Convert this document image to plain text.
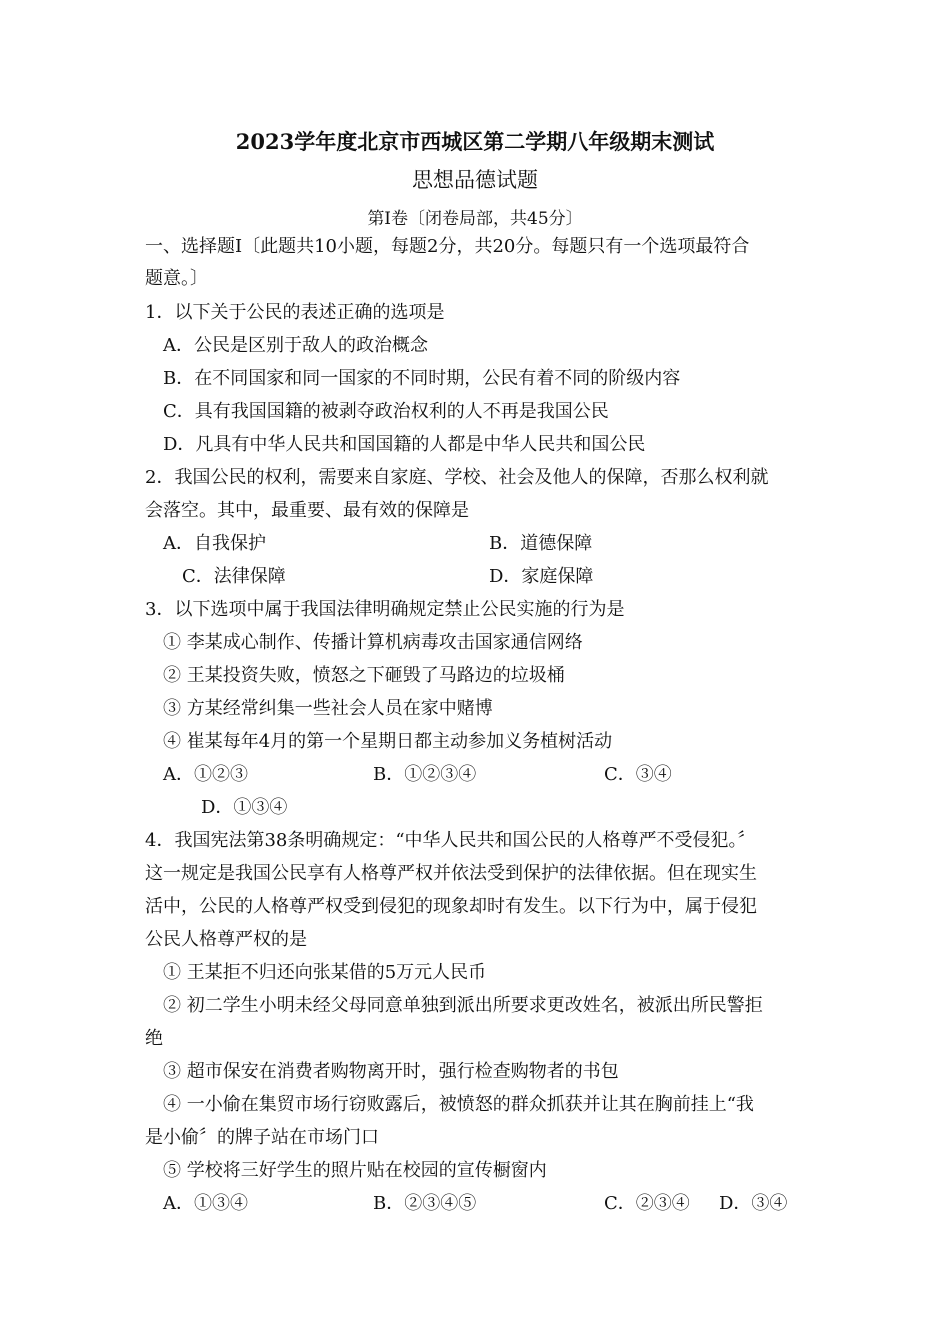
2023学年度北京市西城区第二学期八年级期末测试
思想品德试题
第I卷〔闭卷局部，共45分〕
一、选择题I〔此题共10小题，每题2分，共20分。每题只有一个选项最符合
题意。〕
1．以下关于公民的表述正确的选项是
A．公民是区别于敌人的政治概念
B．在不同国家和同一国家的不同时期，公民有着不同的阶级内容
C．具有我国国籍的被剥夺政治权利的人不再是我国公民
D．凡具有中华人民共和国国籍的人都是中华人民共和国公民
2．我国公民的权利，需要来自家庭、学校、社会及他人的保障，否那么权利就
会落空。其中，最重要、最有效的保障是
A．自我保护	B．道德保障
C．法律保障	D．家庭保障
3．以下选项中属于我国法律明确规定禁止公民实施的行为是
① 李某成心制作、传播计算机病毒攻击国家通信网络
② 王某投资失败，愤怒之下砸毁了马路边的垃圾桶
③ 方某经常纠集一些社会人员在家中赌博
④ 崔某每年4月的第一个星期日都主动参加义务植树活动
A．①②③	B．①②③④	C．③④
D．①③④
4．我国宪法第38条明确规定：“中华人民共和国公民的人格尊严不受侵犯。〞
这一规定是我国公民享有人格尊严权并依法受到保护的法律依据。但在现实生
活中，公民的人格尊严权受到侵犯的现象却时有发生。以下行为中，属于侵犯
公民人格尊严权的是
① 王某拒不归还向张某借的5万元人民币
② 初二学生小明未经父母同意单独到派出所要求更改姓名，被派出所民警拒
绝
③ 超市保安在消费者购物离开时，强行检查购物者的书包
④ 一小偷在集贸市场行窃败露后，被愤怒的群众抓获并让其在胸前挂上“我
是小偷〞的牌子站在市场门口
⑤ 学校将三好学生的照片贴在校园的宣传橱窗内
A．①③④	B．②③④⑤	C．②③④ D．③④
